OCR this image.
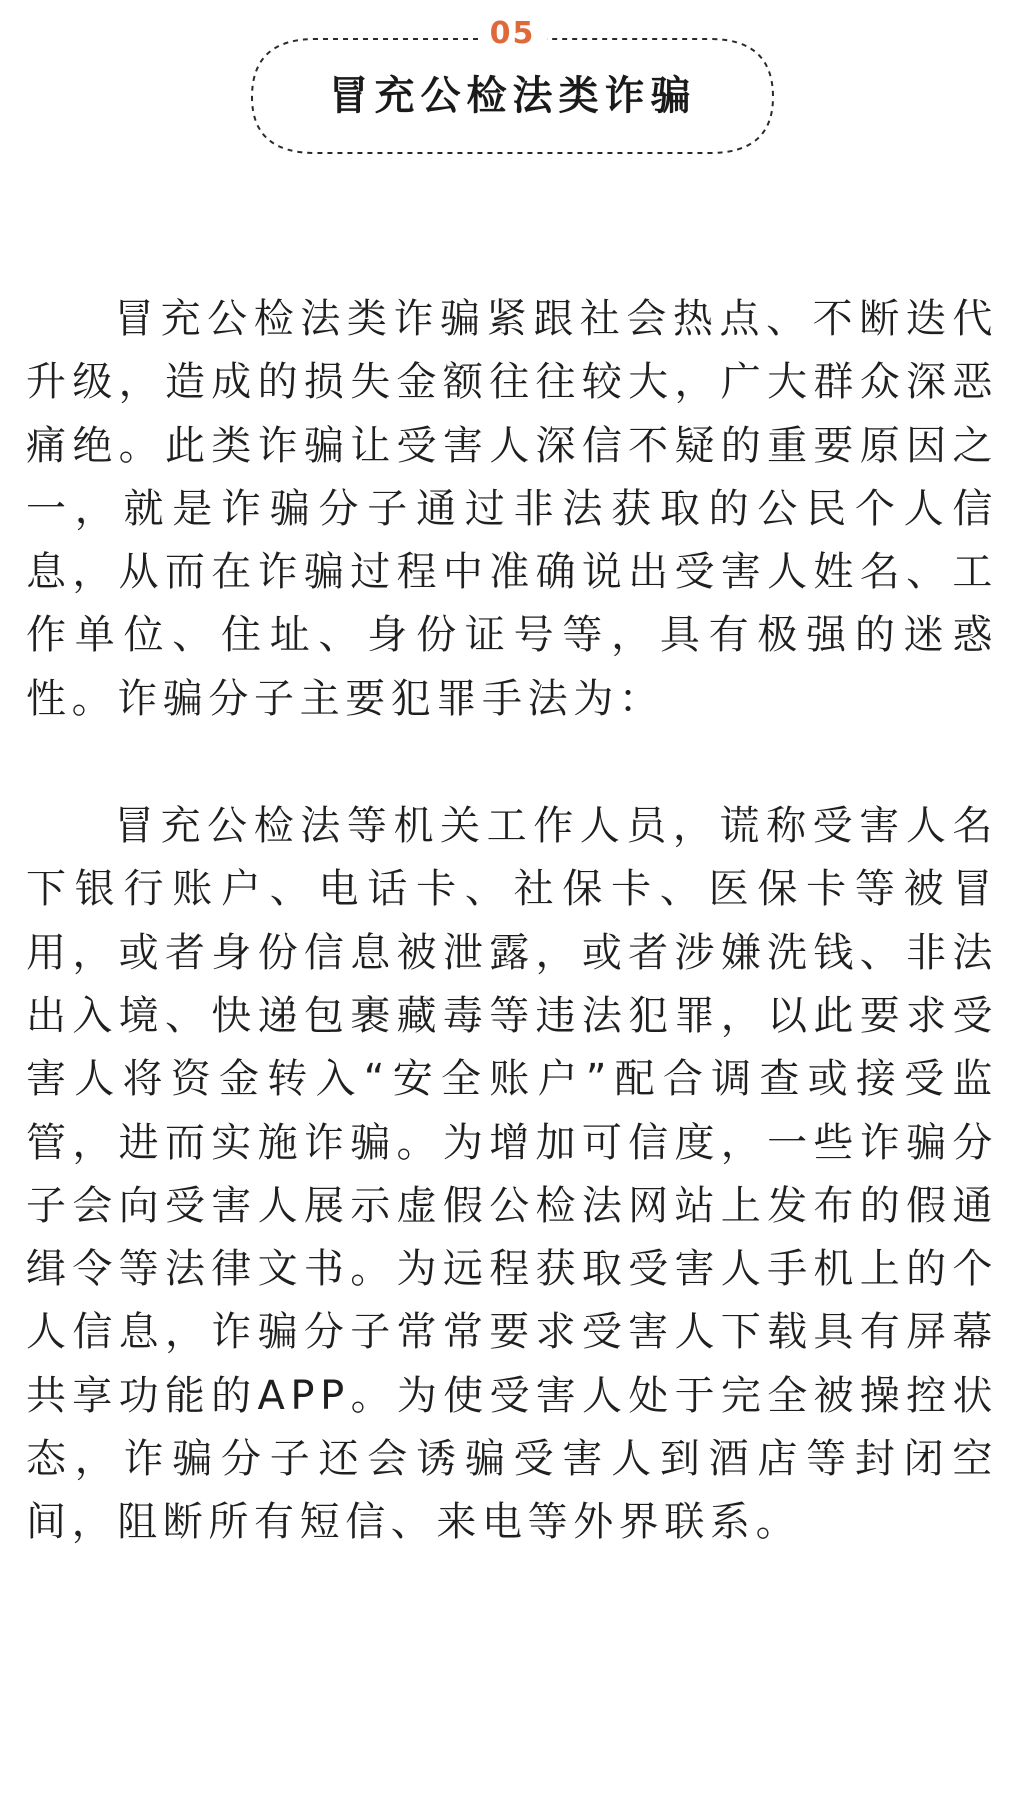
05
冒充公检法类诈骗

冒充公检法类诈骗紧跟社会热点、不断迭代升级，造成的损失金额往往较大，广大群众深恶痛绝。此类诈骗让受害人深信不疑的重要原因之一，就是诈骗分子通过非法获取的公民个人信息，从而在诈骗过程中准确说出受害人姓名、工作单位、住址、身份证号等，具有极强的迷惑性。诈骗分子主要犯罪手法为：

冒充公检法等机关工作人员，谎称受害人名下银行账户、电话卡、社保卡、医保卡等被冒用，或者身份信息被泄露，或者涉嫌洗钱、非法出入境、快递包裹藏毒等违法犯罪，以此要求受害人将资金转入“安全账户”配合调查或接受监管，进而实施诈骗。为增加可信度，一些诈骗分子会向受害人展示虚假公检法网站上发布的假通缉令等法律文书。为远程获取受害人手机上的个人信息，诈骗分子常常要求受害人下载具有屏幕共享功能的APP。为使受害人处于完全被操控状态，诈骗分子还会诱骗受害人到酒店等封闭空间，阻断所有短信、来电等外界联系。
